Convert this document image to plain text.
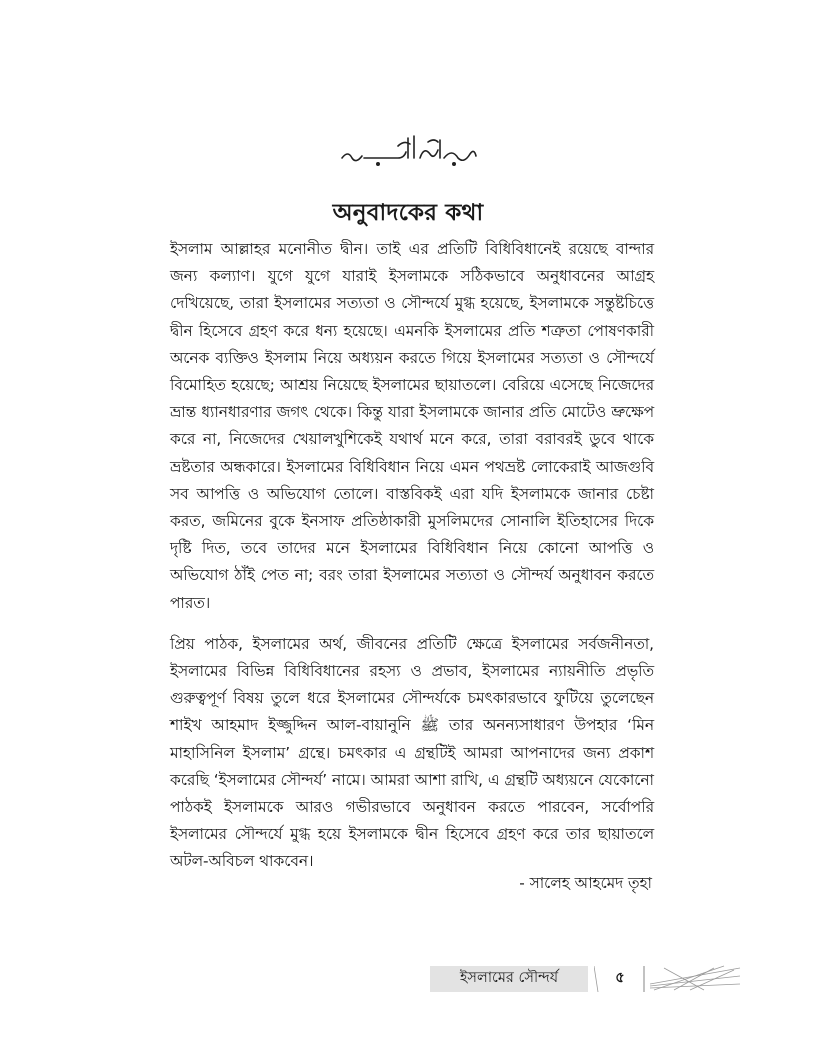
অনুবাদকের কথা

ইসলাম আল্লাহর মনোনীত দ্বীন। তাই এর প্রতিটি বিধিবিধানেই রয়েছে বান্দার জন্য কল্যাণ। যুগে যুগে যারাই ইসলামকে সঠিকভাবে অনুধাবনের আগ্রহ দেখিয়েছে, তারা ইসলামের সত্যতা ও সৌন্দর্যে মুগ্ধ হয়েছে, ইসলামকে সন্তুষ্টচিত্তে দ্বীন হিসেবে গ্রহণ করে ধন্য হয়েছে। এমনকি ইসলামের প্রতি শত্রুতা পোষণকারী অনেক ব্যক্তিও ইসলাম নিয়ে অধ্যয়ন করতে গিয়ে ইসলামের সত্যতা ও সৌন্দর্যে বিমোহিত হয়েছে; আশ্রয় নিয়েছে ইসলামের ছায়াতলে। বেরিয়ে এসেছে নিজেদের ভ্রান্ত ধ্যানধারণার জগৎ থেকে। কিন্তু যারা ইসলামকে জানার প্রতি মোটেও ভ্রুক্ষেপ করে না, নিজেদের খেয়ালখুশিকেই যথার্থ মনে করে, তারা বরাবরই ডুবে থাকে ভ্রষ্টতার অন্ধকারে। ইসলামের বিধিবিধান নিয়ে এমন পথভ্রষ্ট লোকেরাই আজগুবি সব আপত্তি ও অভিযোগ তোলে। বাস্তবিকই এরা যদি ইসলামকে জানার চেষ্টা করত, জমিনের বুকে ইনসাফ প্রতিষ্ঠাকারী মুসলিমদের সোনালি ইতিহাসের দিকে দৃষ্টি দিত, তবে তাদের মনে ইসলামের বিধিবিধান নিয়ে কোনো আপত্তি ও অভিযোগ ঠাঁই পেত না; বরং তারা ইসলামের সত্যতা ও সৌন্দর্য অনুধাবন করতে পারত।

প্রিয় পাঠক, ইসলামের অর্থ, জীবনের প্রতিটি ক্ষেত্রে ইসলামের সর্বজনীনতা, ইসলামের বিভিন্ন বিধিবিধানের রহস্য ও প্রভাব, ইসলামের ন্যায়নীতি প্রভৃতি গুরুত্বপূর্ণ বিষয় তুলে ধরে ইসলামের সৌন্দর্যকে চমৎকারভাবে ফুটিয়ে তুলেছেন শাইখ আহমাদ ইজ্জুদ্দিন আল-বায়ানুনি ﷺ তার অনন্যসাধারণ উপহার ‘মিন মাহাসিনিল ইসলাম’ গ্রন্থে। চমৎকার এ গ্রন্থটিই আমরা আপনাদের জন্য প্রকাশ করেছি ‘ইসলামের সৌন্দর্য’ নামে। আমরা আশা রাখি, এ গ্রন্থটি অধ্যয়নে যেকোনো পাঠকই ইসলামকে আরও গভীরভাবে অনুধাবন করতে পারবেন, সর্বোপরি ইসলামের সৌন্দর্যে মুগ্ধ হয়ে ইসলামকে দ্বীন হিসেবে গ্রহণ করে তার ছায়াতলে অটল-অবিচল থাকবেন।

- সালেহ আহমেদ তৃহা

ইসলামের সৌন্দর্য	৫
